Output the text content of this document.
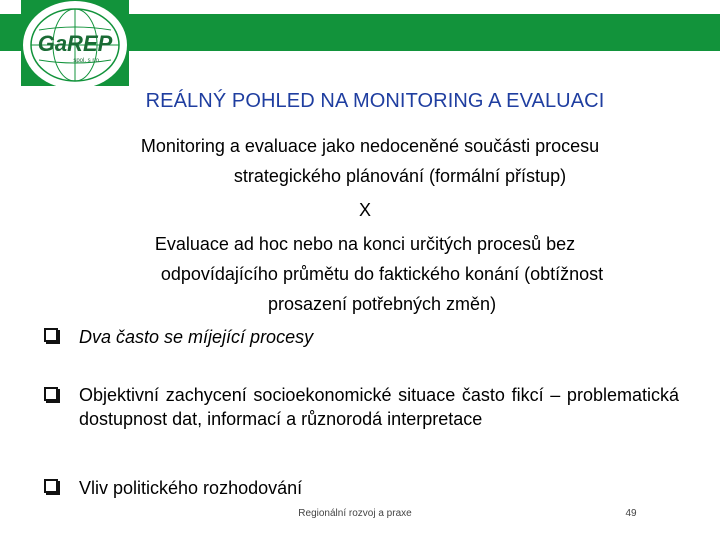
GaREP
spol. s r.o.
REÁLNÝ POHLED NA MONITORING A EVALUACI
Monitoring a evaluace jako nedoceněné součásti procesu
strategického plánování (formální přístup)
X
Evaluace ad hoc nebo na konci určitých procesů bez
odpovídajícího průmětu do faktického konání (obtížnost
prosazení potřebných změn)
Dva často se míjející procesy
Objektivní zachycení socioekonomické situace často fikcí – problematická dostupnost dat, informací a různorodá interpretace
Vliv politického rozhodování
Regionální rozvoj a praxe	49
